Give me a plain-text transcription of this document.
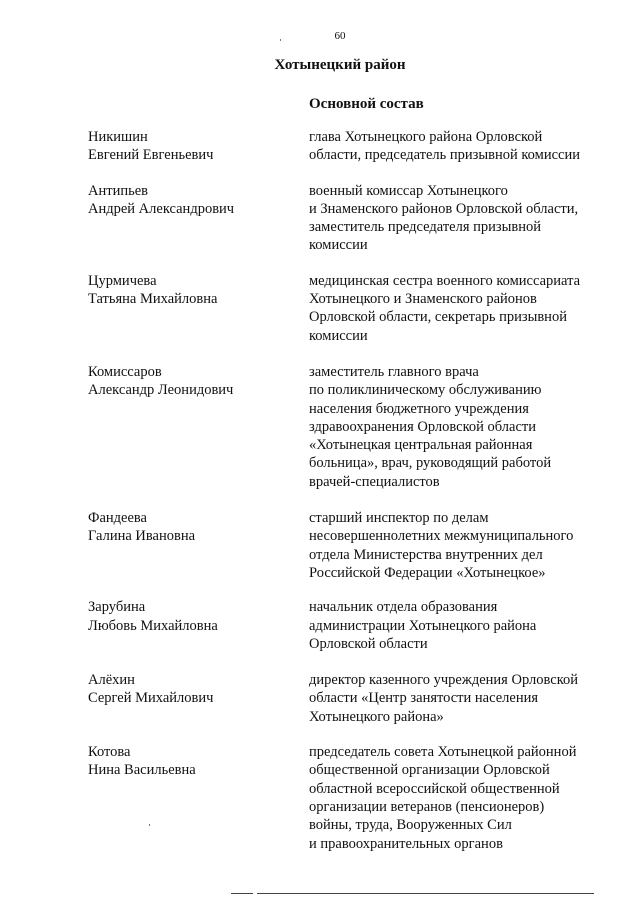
60
Хотынецкий район
Основной состав
Никишин
Евгений Евгеньевич
глава Хотынецкого района Орловской
области, председатель призывной комиссии
Антипьев
Андрей Александрович
военный комиссар Хотынецкого
и Знаменского районов Орловской области,
заместитель председателя призывной
комиссии
Цурмичева
Татьяна Михайловна
медицинская сестра военного комиссариата
Хотынецкого и Знаменского районов
Орловской области, секретарь призывной
комиссии
Комиссаров
Александр Леонидович
заместитель главного врача
по поликлиническому обслуживанию
населения бюджетного учреждения
здравоохранения Орловской области
«Хотынецкая центральная районная
больница», врач, руководящий работой
врачей-специалистов
Фандеева
Галина Ивановна
старший инспектор по делам
несовершеннолетних межмуниципального
отдела Министерства внутренних дел
Российской Федерации «Хотынецкое»
Зарубина
Любовь Михайловна
начальник отдела образования
администрации Хотынецкого района
Орловской области
Алёхин
Сергей Михайлович
директор казенного учреждения Орловской
области «Центр занятости населения
Хотынецкого района»
Котова
Нина Васильевна
председатель совета Хотынецкой районной
общественной организации Орловской
областной всероссийской общественной
организации ветеранов (пенсионеров)
войны, труда, Вооруженных Сил
и правоохранительных органов
